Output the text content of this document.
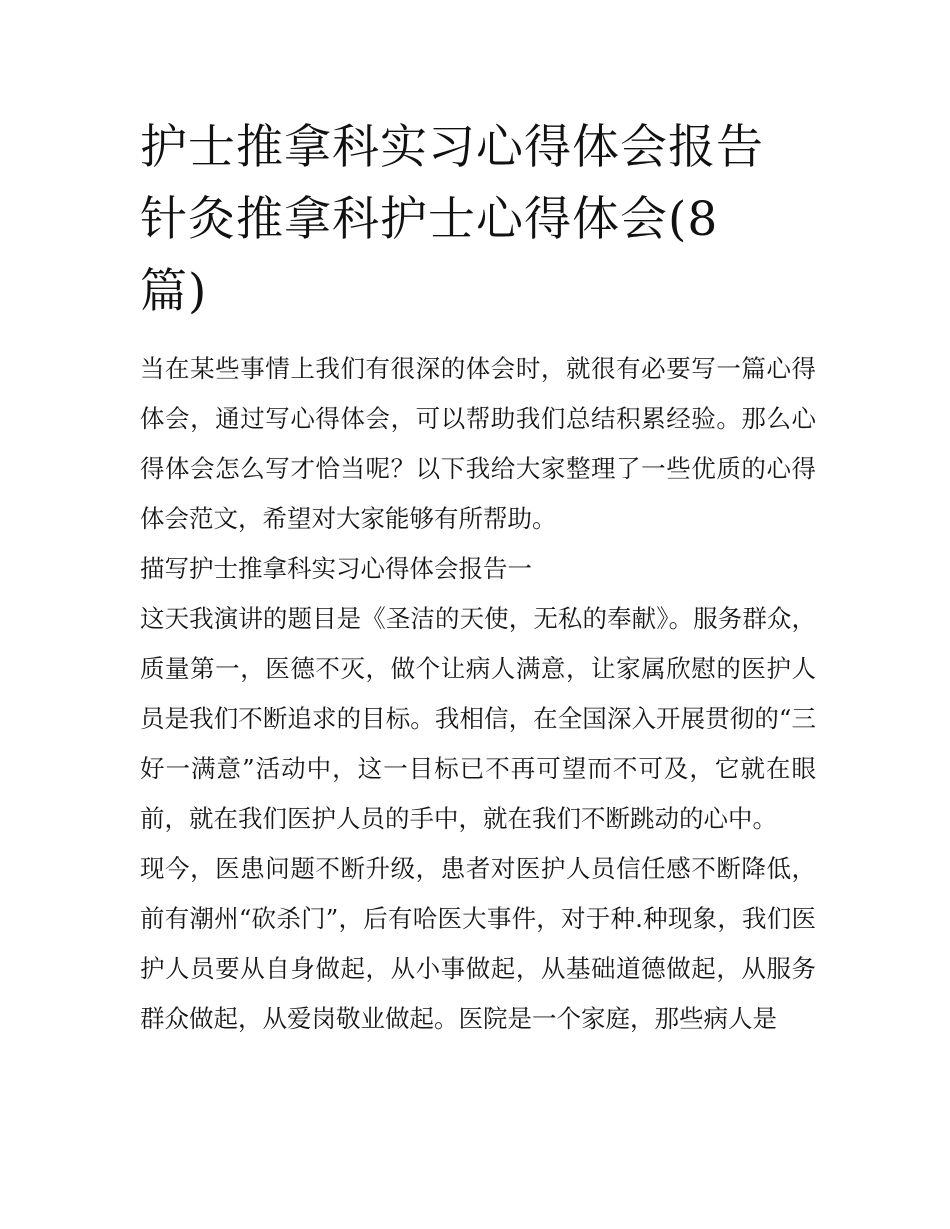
护士推拿科实习心得体会报告
针灸推拿科护士心得体会(8
篇)

当在某些事情上我们有很深的体会时，就很有必要写一篇心得体会，通过写心得体会，可以帮助我们总结积累经验。那么心得体会怎么写才恰当呢？以下我给大家整理了一些优质的心得体会范文，希望对大家能够有所帮助。

描写护士推拿科实习心得体会报告一

这天我演讲的题目是《圣洁的天使，无私的奉献》。服务群众，质量第一，医德不灭，做个让病人满意，让家属欣慰的医护人员是我们不断追求的目标。我相信，在全国深入开展贯彻的“三好一满意”活动中，这一目标已不再可望而不可及，它就在眼前，就在我们医护人员的手中，就在我们不断跳动的心中。

现今，医患问题不断升级，患者对医护人员信任感不断降低，前有潮州“砍杀门”，后有哈医大事件，对于种.种现象，我们医护人员要从自身做起，从小事做起，从基础道德做起，从服务群众做起，从爱岗敬业做起。医院是一个家庭，那些病人是
